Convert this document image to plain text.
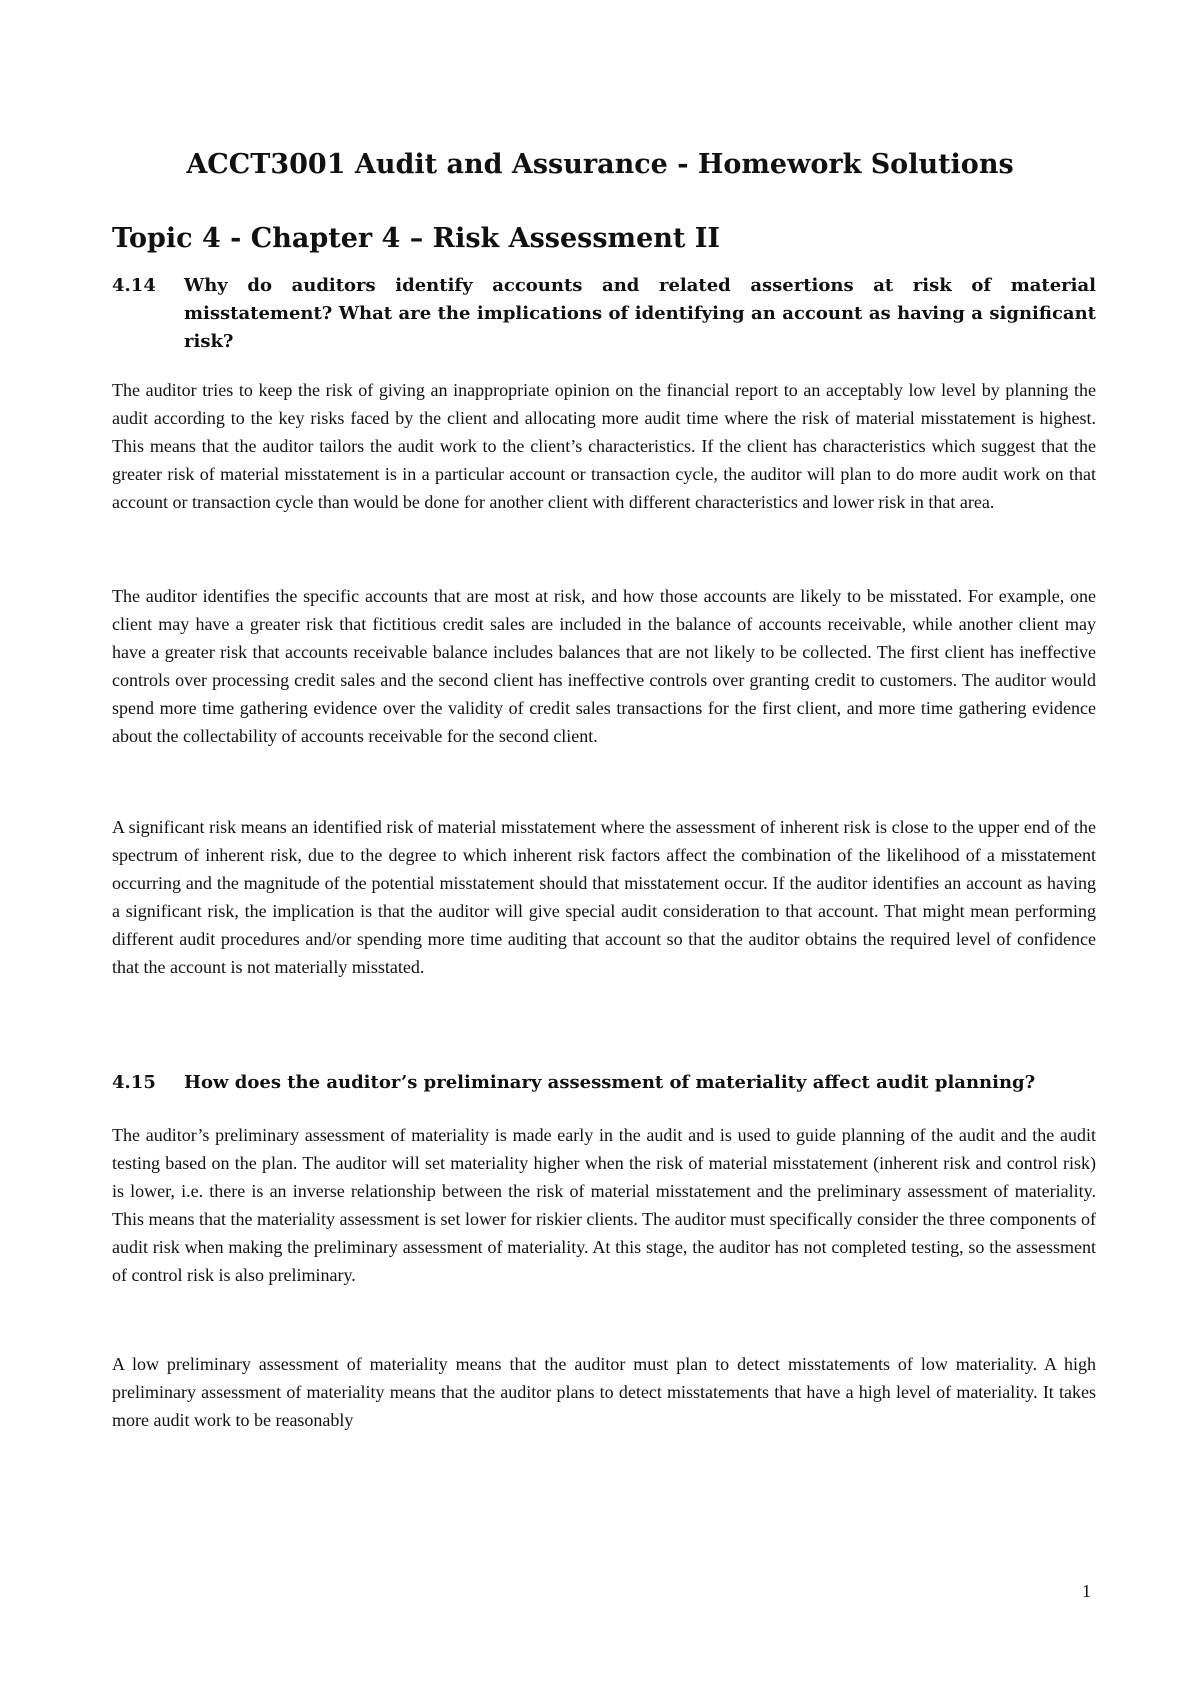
ACCT3001 Audit and Assurance - Homework Solutions
Topic 4 - Chapter 4 – Risk Assessment II
4.14 Why do auditors identify accounts and related assertions at risk of material misstatement? What are the implications of identifying an account as having a significant risk?
The auditor tries to keep the risk of giving an inappropriate opinion on the financial report to an acceptably low level by planning the audit according to the key risks faced by the client and allocating more audit time where the risk of material misstatement is highest. This means that the auditor tailors the audit work to the client’s characteristics. If the client has characteristics which suggest that the greater risk of material misstatement is in a particular account or transaction cycle, the auditor will plan to do more audit work on that account or transaction cycle than would be done for another client with different characteristics and lower risk in that area.
The auditor identifies the specific accounts that are most at risk, and how those accounts are likely to be misstated. For example, one client may have a greater risk that fictitious credit sales are included in the balance of accounts receivable, while another client may have a greater risk that accounts receivable balance includes balances that are not likely to be collected. The first client has ineffective controls over processing credit sales and the second client has ineffective controls over granting credit to customers. The auditor would spend more time gathering evidence over the validity of credit sales transactions for the first client, and more time gathering evidence about the collectability of accounts receivable for the second client.
A significant risk means an identified risk of material misstatement where the assessment of inherent risk is close to the upper end of the spectrum of inherent risk, due to the degree to which inherent risk factors affect the combination of the likelihood of a misstatement occurring and the magnitude of the potential misstatement should that misstatement occur. If the auditor identifies an account as having a significant risk, the implication is that the auditor will give special audit consideration to that account. That might mean performing different audit procedures and/or spending more time auditing that account so that the auditor obtains the required level of confidence that the account is not materially misstated.
4.15 How does the auditor’s preliminary assessment of materiality affect audit planning?
The auditor’s preliminary assessment of materiality is made early in the audit and is used to guide planning of the audit and the audit testing based on the plan. The auditor will set materiality higher when the risk of material misstatement (inherent risk and control risk) is lower, i.e. there is an inverse relationship between the risk of material misstatement and the preliminary assessment of materiality. This means that the materiality assessment is set lower for riskier clients. The auditor must specifically consider the three components of audit risk when making the preliminary assessment of materiality. At this stage, the auditor has not completed testing, so the assessment of control risk is also preliminary.
A low preliminary assessment of materiality means that the auditor must plan to detect misstatements of low materiality. A high preliminary assessment of materiality means that the auditor plans to detect misstatements that have a high level of materiality. It takes more audit work to be reasonably
1
